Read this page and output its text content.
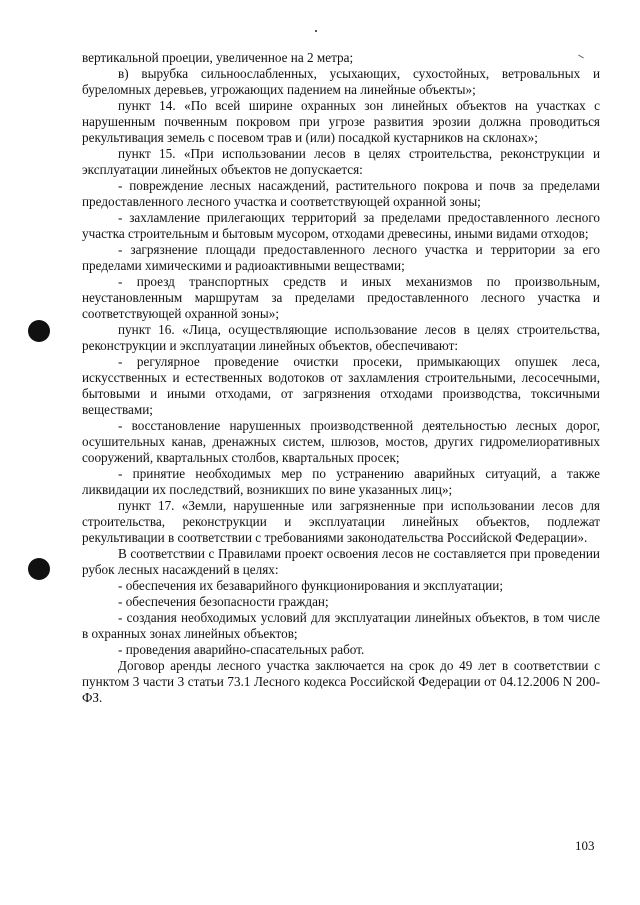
вертикальной проеции, увеличенное на 2 метра;

в) вырубка сильноослабленных, усыхающих, сухостойных, ветровальных и буреломных деревьев, угрожающих падением на линейные объекты»;

пункт 14. «По всей ширине охранных зон линейных объектов на участках с нарушенным почвенным покровом при угрозе развития эрозии должна проводиться рекультивация земель с посевом трав и (или) посадкой кустарников на склонах»;

пункт 15. «При использовании лесов в целях строительства, реконструкции и эксплуатации линейных объектов не допускается:

- повреждение лесных насаждений, растительного покрова и почв за пределами предоставленного лесного участка и соответствующей охранной зоны;

- захламление прилегающих территорий за пределами предоставленного лесного участка строительным и бытовым мусором, отходами древесины, иными видами отходов;

- загрязнение площади предоставленного лесного участка и территории за его пределами химическими и радиоактивными веществами;

- проезд транспортных средств и иных механизмов по произвольным, неустановленным маршрутам за пределами предоставленного лесного участка и соответствующей охранной зоны»;

пункт 16. «Лица, осуществляющие использование лесов в целях строительства, реконструкции и эксплуатации линейных объектов, обеспечивают:

- регулярное проведение очистки просеки, примыкающих опушек леса, искусственных и естественных водотоков от захламления строительными, лесосечными, бытовыми и иными отходами, от загрязнения отходами производства, токсичными веществами;

- восстановление нарушенных производственной деятельностью лесных дорог, осушительных канав, дренажных систем, шлюзов, мостов, других гидромелиоративных сооружений, квартальных столбов, квартальных просек;

- принятие необходимых мер по устранению аварийных ситуаций, а также ликвидации их последствий, возникших по вине указанных лиц»;

пункт 17. «Земли, нарушенные или загрязненные при использовании лесов для строительства, реконструкции и эксплуатации линейных объектов, подлежат рекультивации в соответствии с требованиями законодательства Российской Федерации».

В соответствии с Правилами проект освоения лесов не составляется при проведении рубок лесных насаждений в целях:

- обеспечения их безаварийного функционирования и эксплуатации;

- обеспечения безопасности граждан;

- создания необходимых условий для эксплуатации линейных объектов, в том числе в охранных зонах линейных объектов;

- проведения аварийно-спасательных работ.

Договор аренды лесного участка заключается на срок до 49 лет в соответствии с пунктом 3 части 3 статьи 73.1 Лесного кодекса Российской Федерации от 04.12.2006 N 200-ФЗ.

103
